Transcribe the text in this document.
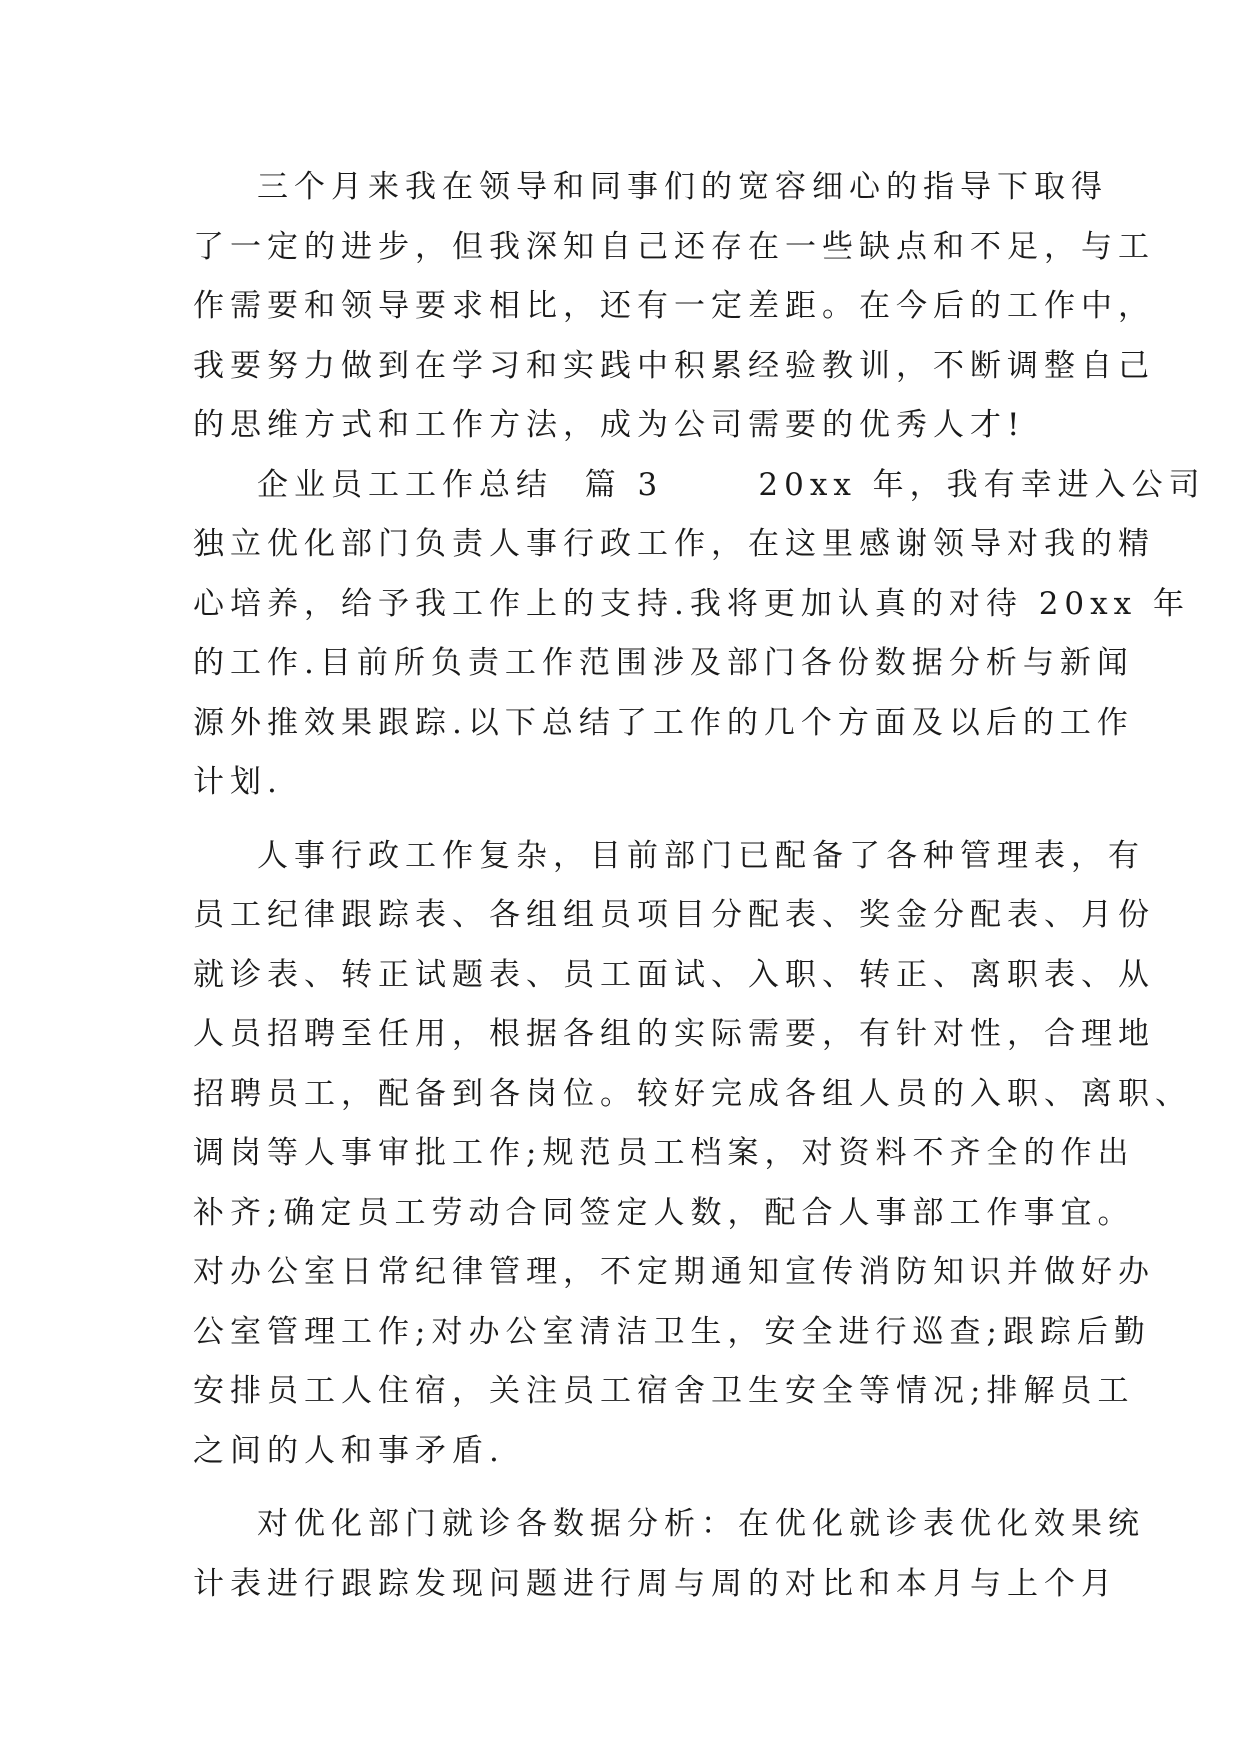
三个月来我在领导和同事们的宽容细心的指导下取得
了一定的进步，但我深知自己还存在一些缺点和不足，与工
作需要和领导要求相比，还有一定差距。在今后的工作中，
我要努力做到在学习和实践中积累经验教训，不断调整自己
的思维方式和工作方法，成为公司需要的优秀人才!
企业员工工作总结  篇 3      20xx 年，我有幸进入公司
独立优化部门负责人事行政工作，在这里感谢领导对我的精
心培养，给予我工作上的支持.我将更加认真的对待 20xx 年
的工作.目前所负责工作范围涉及部门各份数据分析与新闻
源外推效果跟踪.以下总结了工作的几个方面及以后的工作
计划.
人事行政工作复杂，目前部门已配备了各种管理表，有
员工纪律跟踪表、各组组员项目分配表、奖金分配表、月份
就诊表、转正试题表、员工面试、入职、转正、离职表、从
人员招聘至任用，根据各组的实际需要，有针对性，合理地
招聘员工，配备到各岗位。较好完成各组人员的入职、离职、
调岗等人事审批工作;规范员工档案，对资料不齐全的作出
补齐;确定员工劳动合同签定人数，配合人事部工作事宜。
对办公室日常纪律管理，不定期通知宣传消防知识并做好办
公室管理工作;对办公室清洁卫生，安全进行巡查;跟踪后勤
安排员工人住宿，关注员工宿舍卫生安全等情况;排解员工
之间的人和事矛盾.
对优化部门就诊各数据分析：在优化就诊表优化效果统
计表进行跟踪发现问题进行周与周的对比和本月与上个月
